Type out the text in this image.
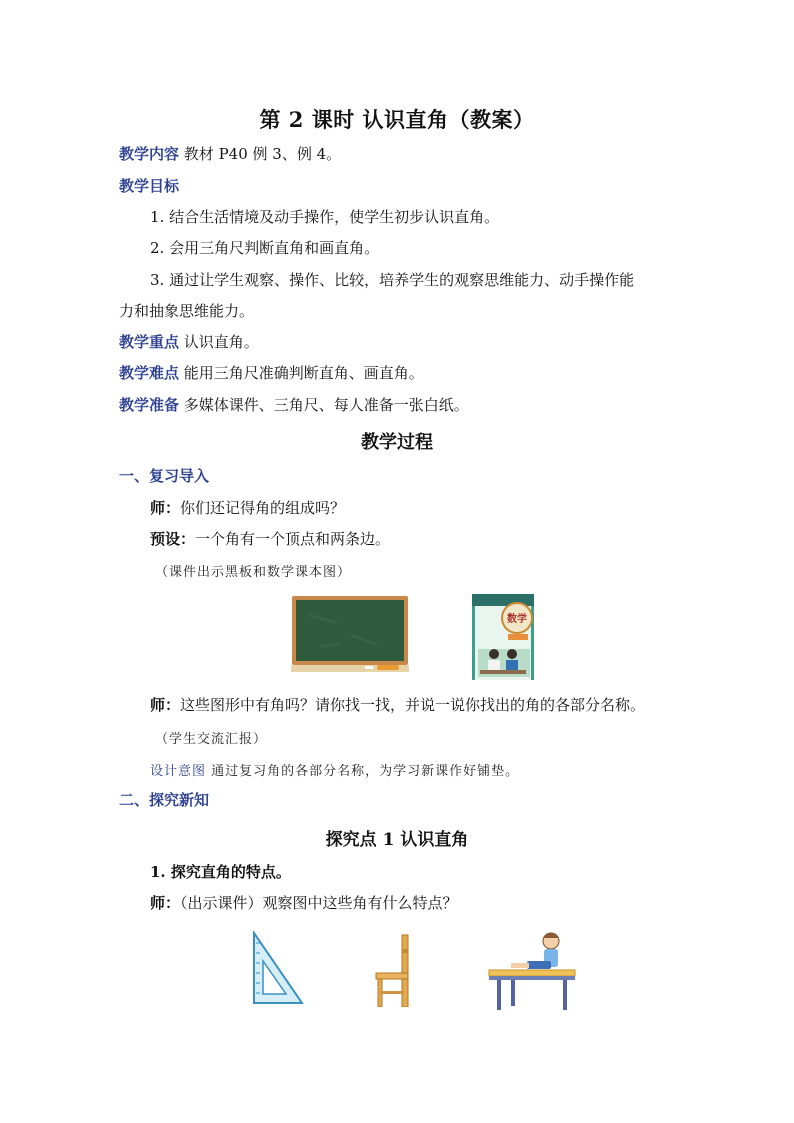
第 2 课时 认识直角（教案）
教学内容 教材 P40 例 3、例 4。
教学目标
1. 结合生活情境及动手操作，使学生初步认识直角。
2. 会用三角尺判断直角和画直角。
3. 通过让学生观察、操作、比较，培养学生的观察思维能力、动手操作能
力和抽象思维能力。
教学重点 认识直角。
教学难点 能用三角尺准确判断直角、画直角。
教学准备 多媒体课件、三角尺、每人准备一张白纸。
教学过程
一、复习导入
师：你们还记得角的组成吗？
预设：一个角有一个顶点和两条边。
（课件出示黑板和数学课本图）
数学
师：这些图形中有角吗？请你找一找，并说一说你找出的角的各部分名称。
（学生交流汇报）
设计意图 通过复习角的各部分名称，为学习新课作好铺垫。
二、探究新知
探究点 1 认识直角
1. 探究直角的特点。
师：（出示课件）观察图中这些角有什么特点？
